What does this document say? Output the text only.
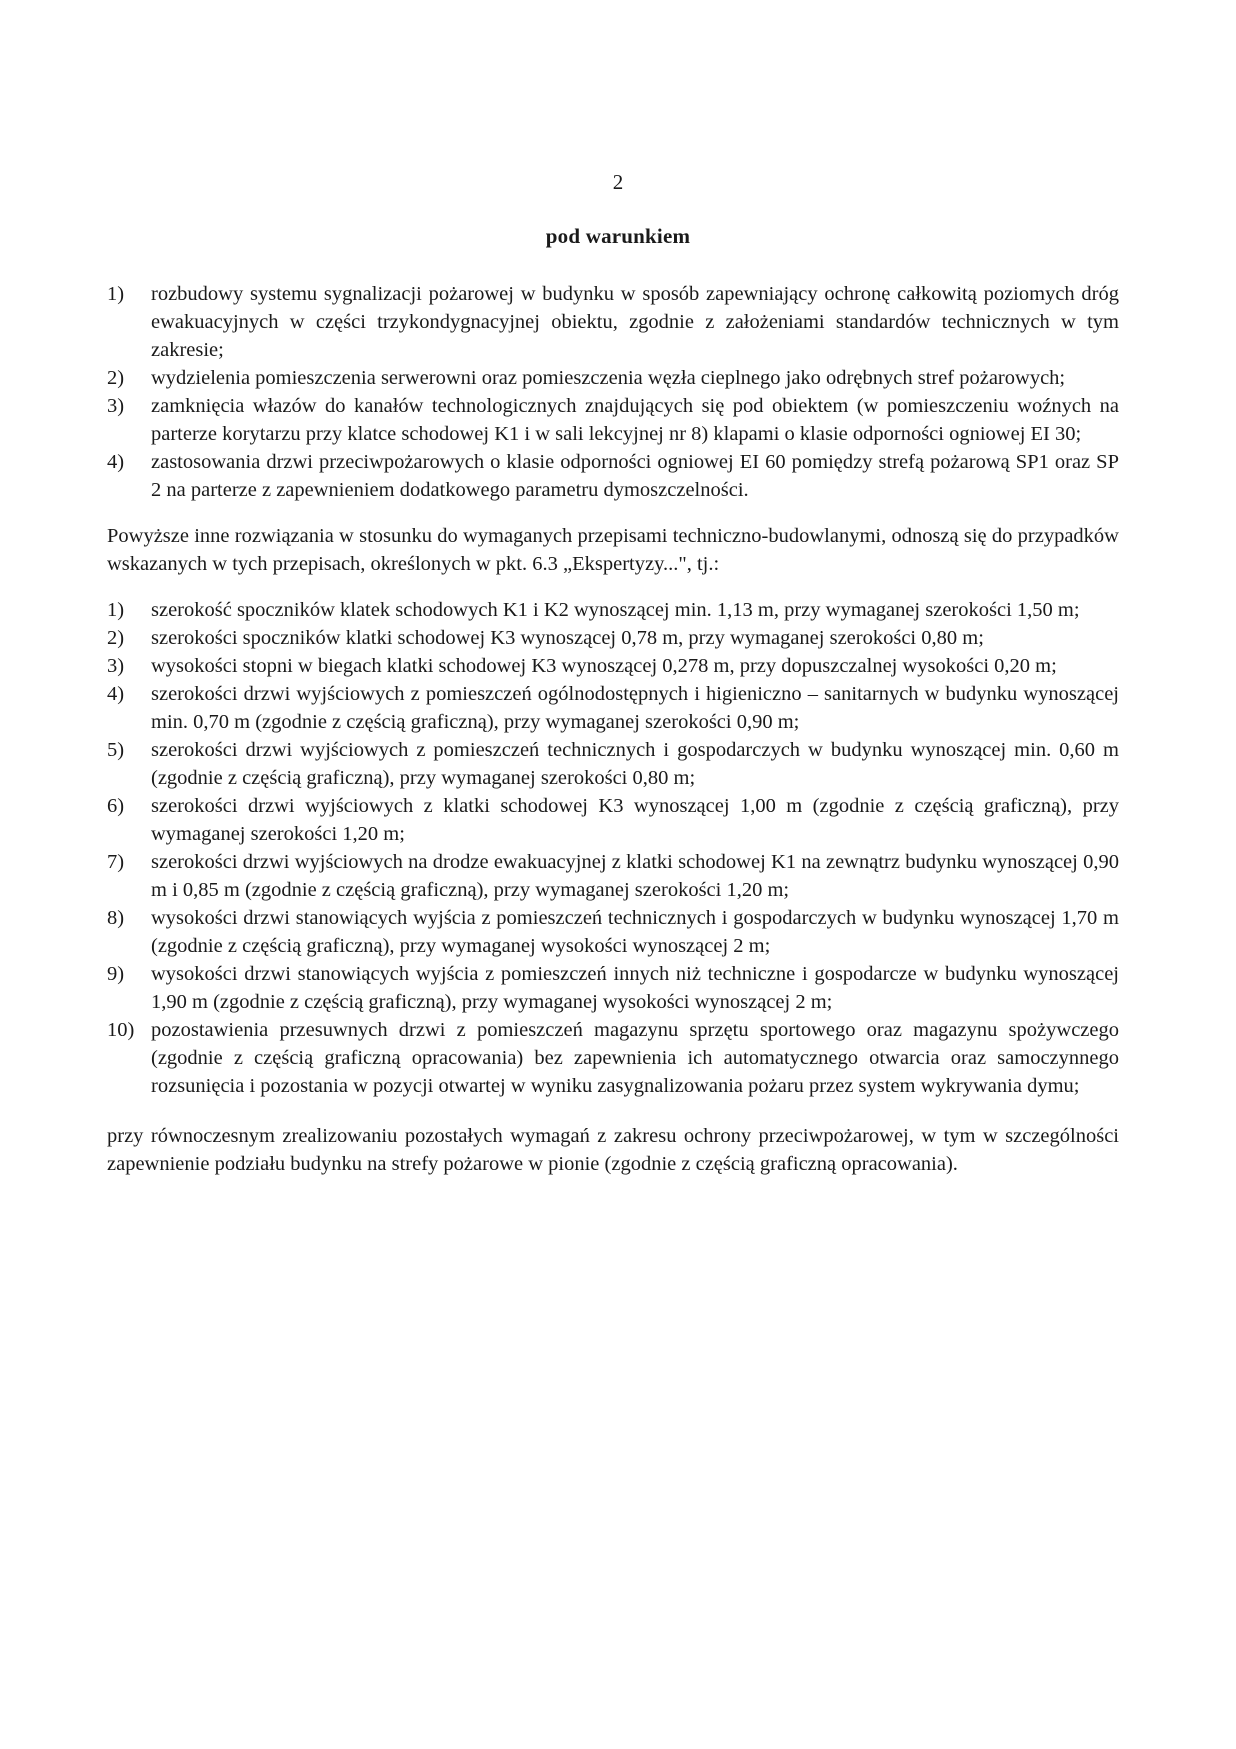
2
pod warunkiem
1)	rozbudowy systemu sygnalizacji pożarowej w budynku w sposób zapewniający ochronę całkowitą poziomych dróg ewakuacyjnych w części trzykondygnacyjnej obiektu, zgodnie z założeniami standardów technicznych w tym zakresie;
2)	wydzielenia pomieszczenia serwerowni oraz pomieszczenia węzła cieplnego jako odrębnych stref pożarowych;
3)	zamknięcia włazów do kanałów technologicznych znajdujących się pod obiektem (w pomieszczeniu woźnych na parterze korytarzu przy klatce schodowej K1 i w sali lekcyjnej nr 8) klapami o klasie odporności ogniowej EI 30;
4)	zastosowania drzwi przeciwpożarowych o klasie odporności ogniowej EI 60 pomiędzy strefą pożarową SP1 oraz SP 2 na parterze z zapewnieniem dodatkowego parametru dymoszczelności.

Powyższe inne rozwiązania w stosunku do wymaganych przepisami techniczno-budowlanymi, odnoszą się do przypadków wskazanych w tych przepisach, określonych w pkt. 6.3 „Ekspertyzy...", tj.:

1)	szerokość spoczników klatek schodowych K1 i K2 wynoszącej min. 1,13 m, przy wymaganej szerokości 1,50 m;
2)	szerokości spoczników klatki schodowej K3 wynoszącej 0,78 m, przy wymaganej szerokości 0,80 m;
3)	wysokości stopni w biegach klatki schodowej K3 wynoszącej 0,278 m, przy dopuszczalnej wysokości 0,20 m;
4)	szerokości drzwi wyjściowych z pomieszczeń ogólnodostępnych i higieniczno – sanitarnych w budynku wynoszącej min. 0,70 m (zgodnie z częścią graficzną), przy wymaganej szerokości 0,90 m;
5)	szerokości drzwi wyjściowych z pomieszczeń technicznych i gospodarczych w budynku wynoszącej min. 0,60 m (zgodnie z częścią graficzną), przy wymaganej szerokości 0,80 m;
6)	szerokości drzwi wyjściowych z klatki schodowej K3 wynoszącej 1,00 m (zgodnie z częścią graficzną), przy wymaganej szerokości 1,20 m;
7)	szerokości drzwi wyjściowych na drodze ewakuacyjnej z klatki schodowej K1 na zewnątrz budynku wynoszącej 0,90 m i 0,85 m (zgodnie z częścią graficzną), przy wymaganej szerokości 1,20 m;
8)	wysokości drzwi stanowiących wyjścia z pomieszczeń technicznych i gospodarczych w budynku wynoszącej 1,70 m (zgodnie z częścią graficzną), przy wymaganej wysokości wynoszącej 2 m;
9)	wysokości drzwi stanowiących wyjścia z pomieszczeń innych niż techniczne i gospodarcze w budynku wynoszącej 1,90 m (zgodnie z częścią graficzną), przy wymaganej wysokości wynoszącej 2 m;
10) pozostawienia przesuwnych drzwi z pomieszczeń magazynu sprzętu sportowego oraz magazynu spożywczego (zgodnie z częścią graficzną opracowania) bez zapewnienia ich automatycznego otwarcia oraz samoczynnego rozsunięcia i pozostania w pozycji otwartej w wyniku zasygnalizowania pożaru przez system wykrywania dymu;

przy równoczesnym zrealizowaniu pozostałych wymagań z zakresu ochrony przeciwpożarowej, w tym w szczególności zapewnienie podziału budynku na strefy pożarowe w pionie (zgodnie z częścią graficzną opracowania).
